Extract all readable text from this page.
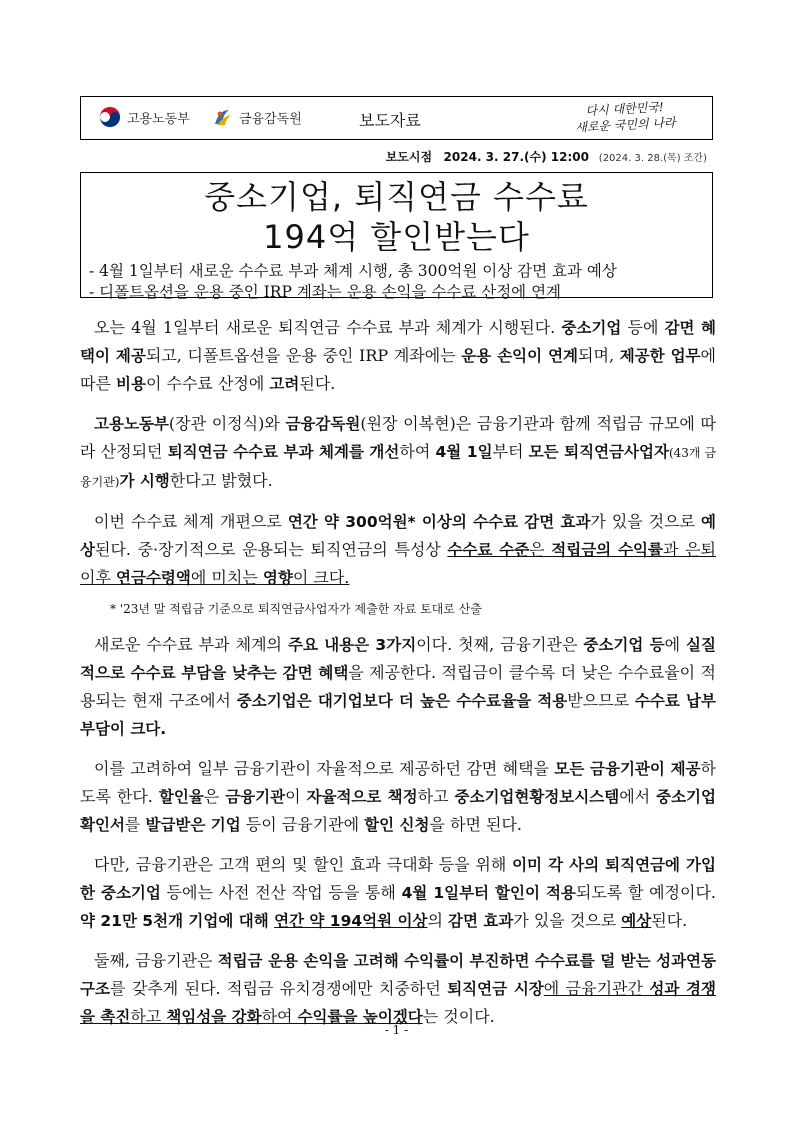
고용노동부	금융감독원	보도자료
다시 대한민국!
새로운 국민의 나라
보도시점 2024. 3. 27.(수) 12:00 (2024. 3. 28.(목) 조간)
중소기업, 퇴직연금 수수료
194억 할인받는다
- 4월 1일부터 새로운 수수료 부과 체계 시행, 총 300억원 이상 감면 효과 예상
- 디폴트옵션을 운용 중인 IRP 계좌는 운용 손익을 수수료 산정에 연계

오는 4월 1일부터 새로운 퇴직연금 수수료 부과 체계가 시행된다. 중소기업 등에 감면 혜택이 제공되고, 디폴트옵션을 운용 중인 IRP 계좌에는 운용 손익이 연계되며, 제공한 업무에 따른 비용이 수수료 산정에 고려된다.

고용노동부(장관 이정식)와 금융감독원(원장 이복현)은 금융기관과 함께 적립금 규모에 따라 산정되던 퇴직연금 수수료 부과 체계를 개선하여 4월 1일부터 모든 퇴직연금사업자(43개 금융기관)가 시행한다고 밝혔다.

이번 수수료 체계 개편으로 연간 약 300억원* 이상의 수수료 감면 효과가 있을 것으로 예상된다. 중·장기적으로 운용되는 퇴직연금의 특성상 수수료 수준은 적립금의 수익률과 은퇴 이후 연금수령액에 미치는 영향이 크다.

* '23년 말 적립금 기준으로 퇴직연금사업자가 제출한 자료 토대로 산출

새로운 수수료 부과 체계의 주요 내용은 3가지이다. 첫째, 금융기관은 중소기업 등에 실질적으로 수수료 부담을 낮추는 감면 혜택을 제공한다. 적립금이 클수록 더 낮은 수수료율이 적용되는 현재 구조에서 중소기업은 대기업보다 더 높은 수수료율을 적용받으므로 수수료 납부 부담이 크다.

이를 고려하여 일부 금융기관이 자율적으로 제공하던 감면 혜택을 모든 금융기관이 제공하도록 한다. 할인율은 금융기관이 자율적으로 책정하고 중소기업현황정보시스템에서 중소기업확인서를 발급받은 기업 등이 금융기관에 할인 신청을 하면 된다.

다만, 금융기관은 고객 편의 및 할인 효과 극대화 등을 위해 이미 각 사의 퇴직연금에 가입한 중소기업 등에는 사전 전산 작업 등을 통해 4월 1일부터 할인이 적용되도록 할 예정이다. 약 21만 5천개 기업에 대해 연간 약 194억원 이상의 감면 효과가 있을 것으로 예상된다.

둘째, 금융기관은 적립금 운용 손익을 고려해 수익률이 부진하면 수수료를 덜 받는 성과연동 구조를 갖추게 된다. 적립금 유치경쟁에만 치중하던 퇴직연금 시장에 금융기관간 성과 경쟁을 촉진하고 책임성을 강화하여 수익률을 높이겠다는 것이다.

- 1 -
